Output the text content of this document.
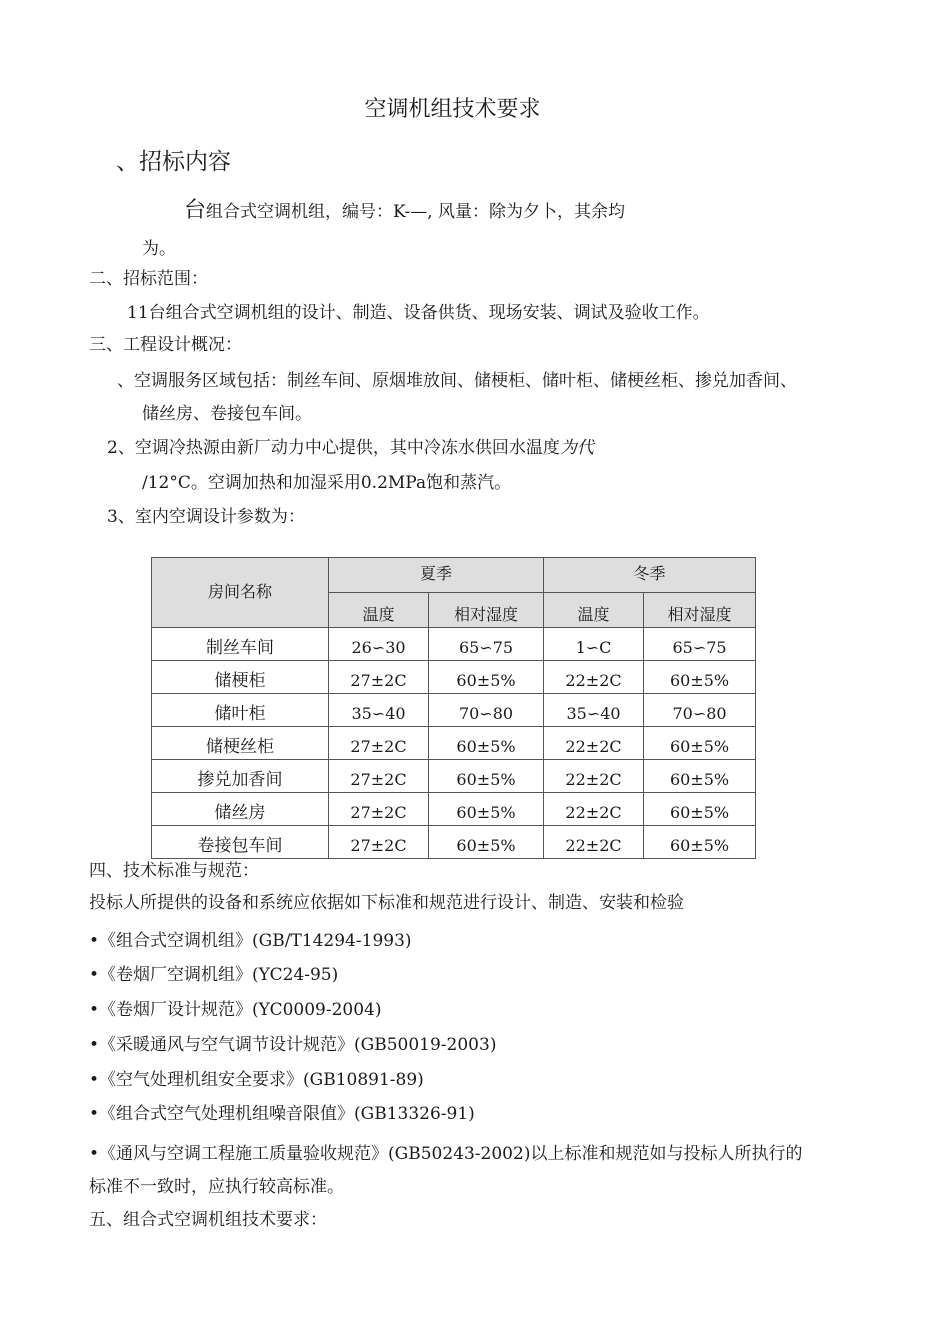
空调机组技术要求
、招标内容
台组合式空调机组，编号：K-—, 风量：除为夕卜，其余均
为。
二、招标范围：
11台组合式空调机组的设计、制造、设备供货、现场安装、调试及验收工作。
三、工程设计概况：
、空调服务区域包括：制丝车间、原烟堆放间、储梗柜、储叶柜、储梗丝柜、掺兑加香间、
储丝房、卷接包车间。
2、空调冷热源由新厂动力中心提供，其中冷冻水供回水温度为代
/12°C。空调加热和加湿采用0.2MPa饱和蒸汽。
3、室内空调设计参数为：
房间名称	夏季		冬季	
	温度	相对湿度	温度	相对湿度
制丝车间	26∽30	65∽75	1∽C	65∽75
储梗柜	27±2C	60±5%	22±2C	60±5%
储叶柜	35∽40	70∽80	35∽40	70∽80
储梗丝柜	27±2C	60±5%	22±2C	60±5%
掺兑加香间	27±2C	60±5%	22±2C	60±5%
储丝房	27±2C	60±5%	22±2C	60±5%
卷接包车间	27±2C	60±5%	22±2C	60±5%
四、技术标准与规范：
投标人所提供的设备和系统应依据如下标准和规范进行设计、制造、安装和检验
•《组合式空调机组》(GB/T14294-1993)
•《卷烟厂空调机组》(YC24-95)
•《卷烟厂设计规范》(YC0009-2004)
•《采暖通风与空气调节设计规范》(GB50019-2003)
•《空气处理机组安全要求》(GB10891-89)
•《组合式空气处理机组噪音限值》(GB13326-91)
•《通风与空调工程施工质量验收规范》(GB50243-2002)以上标准和规范如与投标人所执行的
标准不一致时，应执行较高标准。
五、组合式空调机组技术要求：
